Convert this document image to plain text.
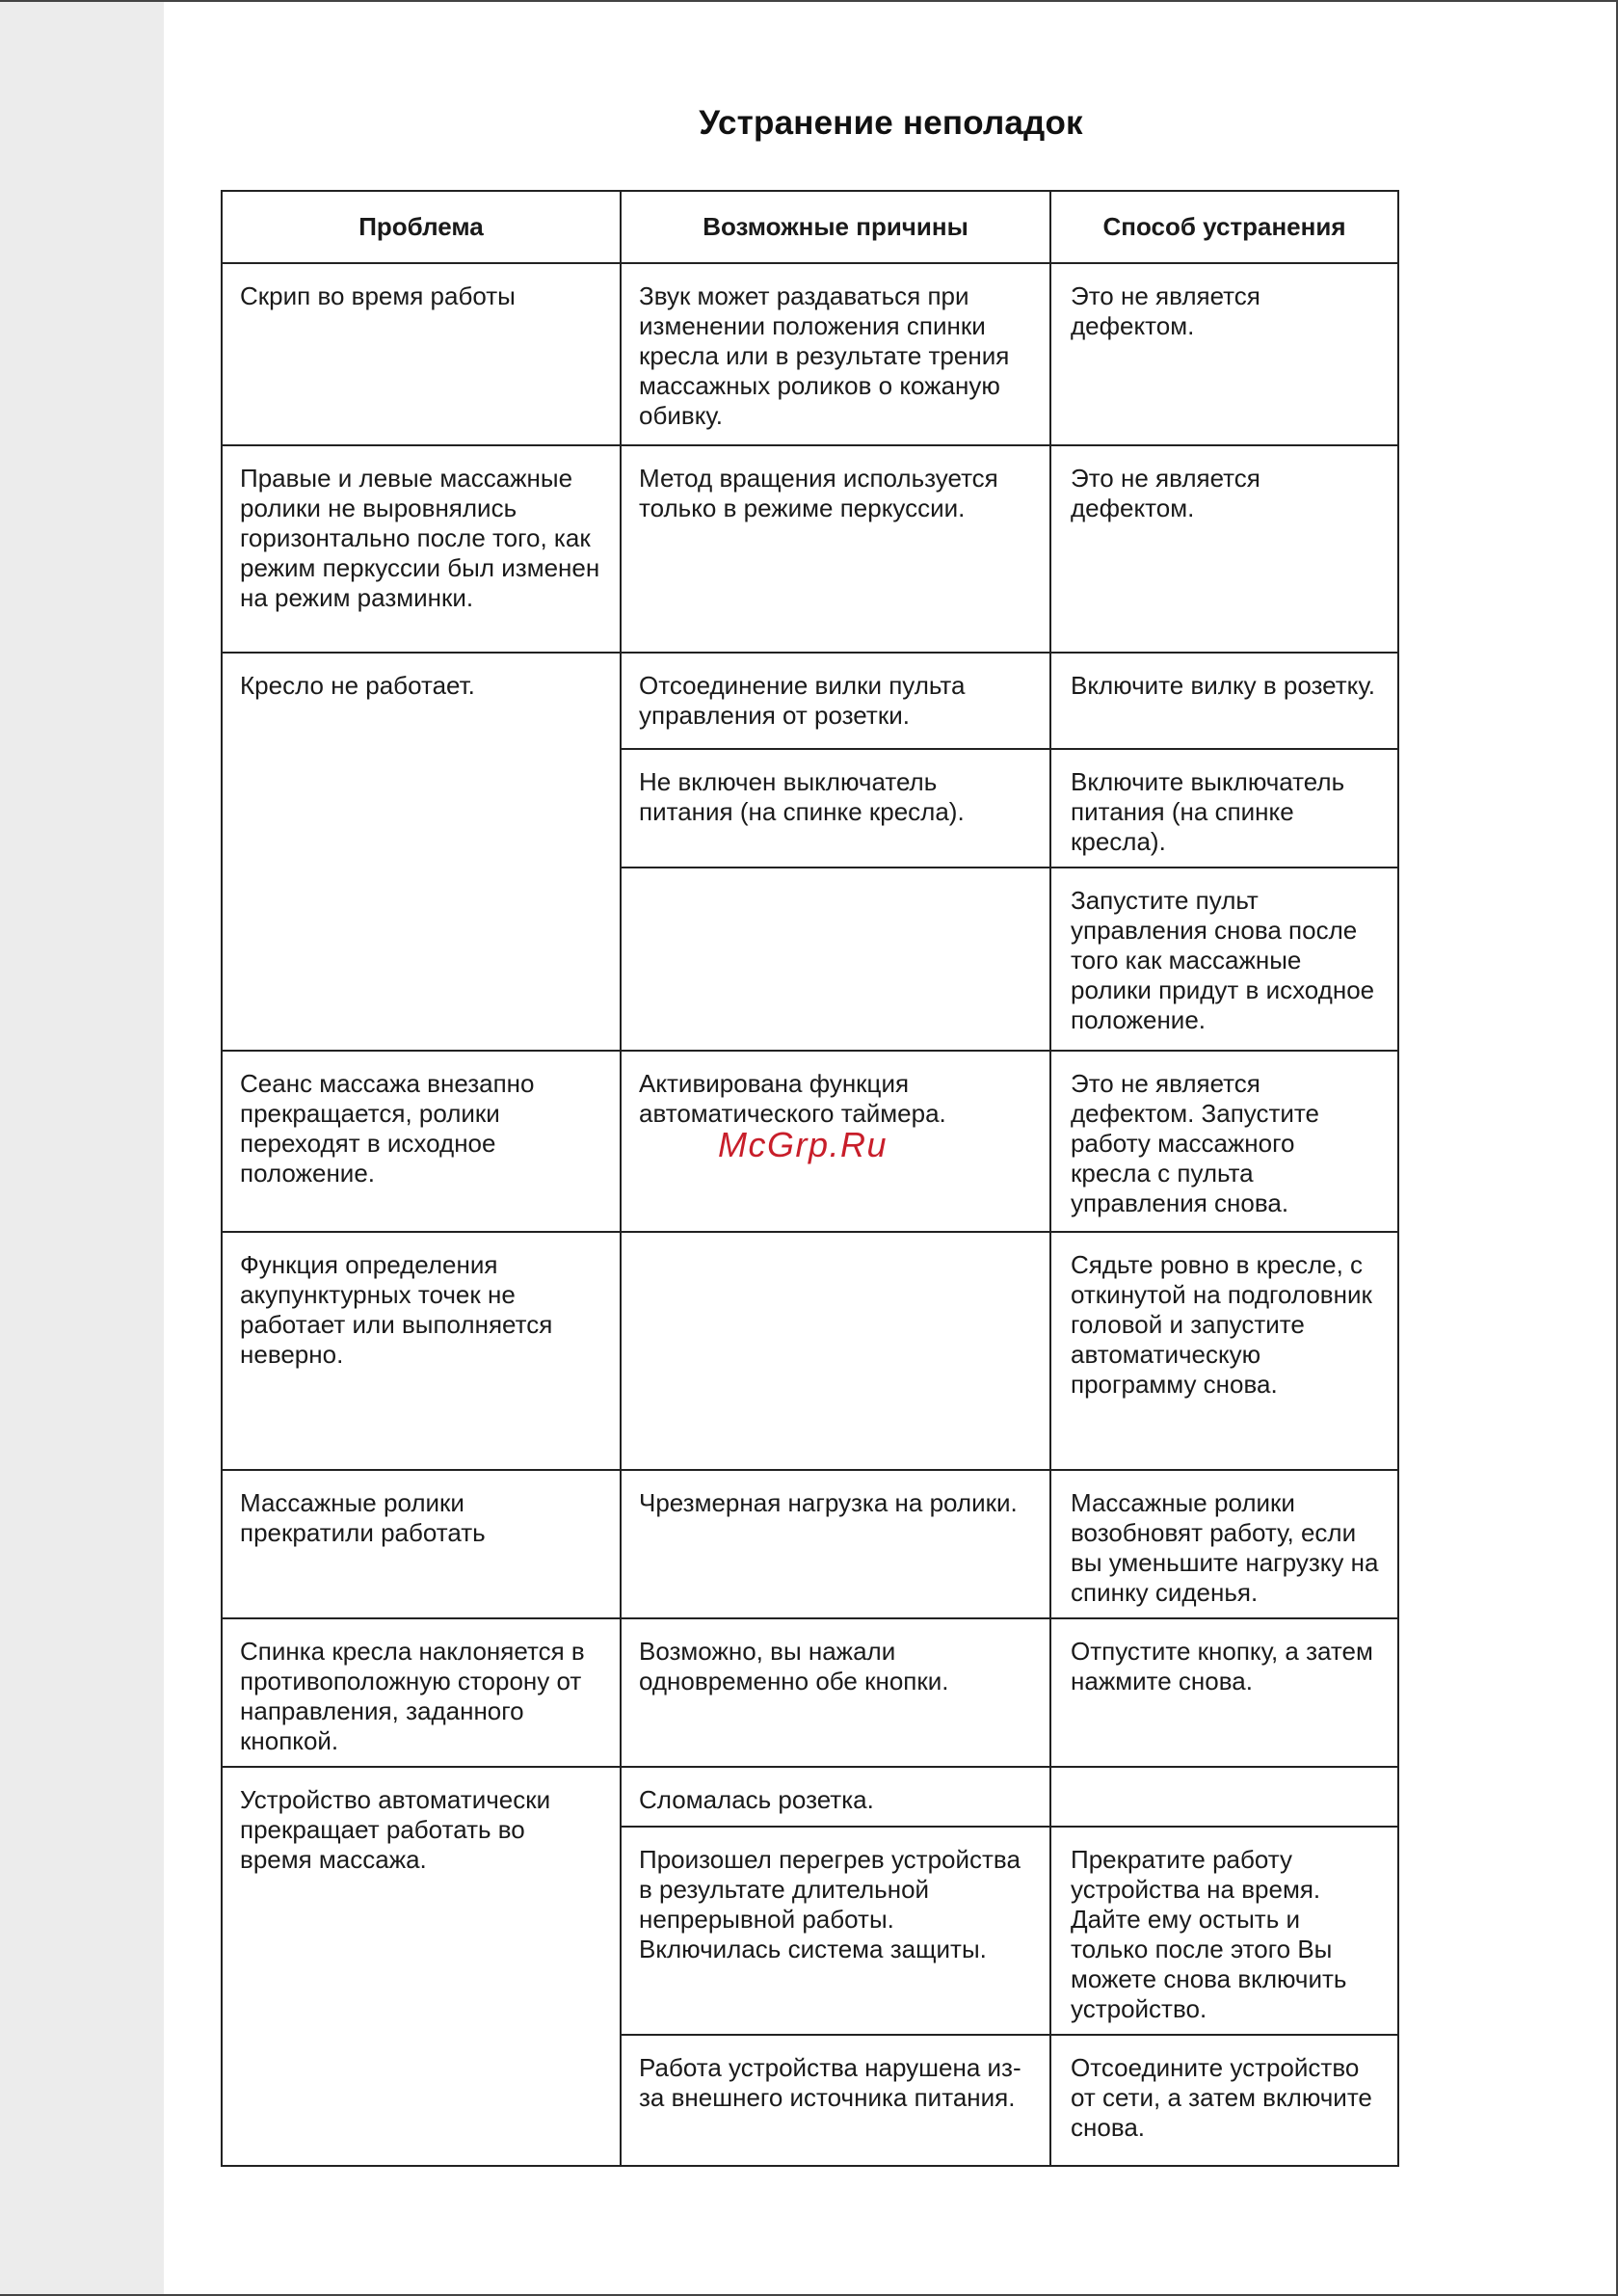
Устранение неполадок
Проблема	Возможные причины	Способ устранения
Скрип во время работы	Звук может раздаваться при изменении положения спинки кресла или в результате трения массажных роликов о кожаную обивку.	Это не является дефектом.
Правые и левые массажные ролики не выровнялись горизонтально после того, как режим перкуссии был изменен на режим разминки.	Метод вращения используется только в режиме перкуссии.	Это не является дефектом.
Кресло не работает.	Отсоединение вилки пульта управления от розетки.	Включите вилку в розетку.
	Не включен выключатель питания (на спинке кресла).	Включите выключатель питания (на спинке кресла).
		Запустите пульт управления снова после того как массажные ролики придут в исходное положение.
Сеанс массажа внезапно прекращается, ролики переходят в исходное положение.	Активирована функция автоматического таймера.	Это не является дефектом. Запустите работу массажного кресла с пульта управления снова.
Функция определения акупунктурных точек не работает или выполняется неверно.		Сядьте ровно в кресле, с откинутой на подголовник головой и запустите автоматическую программу снова.
Массажные ролики прекратили работать	Чрезмерная нагрузка на ролики.	Массажные ролики возобновят работу, если вы уменьшите нагрузку на спинку сиденья.
Спинка кресла наклоняется в противоположную сторону от направления, заданного кнопкой.	Возможно, вы нажали одновременно обе кнопки.	Отпустите кнопку, а затем нажмите снова.
Устройство автоматически прекращает работать во время массажа.	Сломалась розетка.	
	Произошел перегрев устройства в результате длительной непрерывной работы. Включилась система защиты.	Прекратите работу устройства на время. Дайте ему остыть и только после этого Вы можете снова включить устройство.
	Работа устройства нарушена из-за внешнего источника питания.	Отсоедините устройство от сети, а затем включите снова.
McGrp.Ru
